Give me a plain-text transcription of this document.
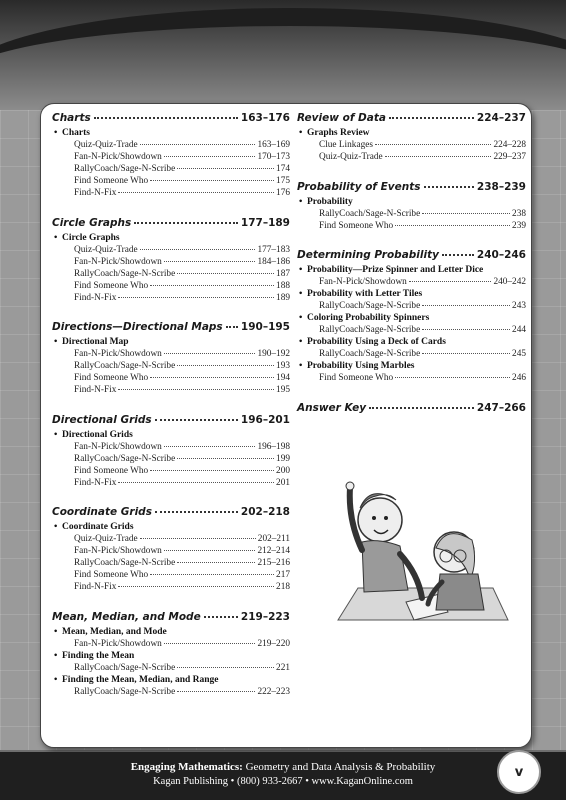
Charts	163–176
• Charts
Quiz-Quiz-Trade	163–169
Fan-N-Pick/Showdown	170–173
RallyCoach/Sage-N-Scribe	174
Find Someone Who	175
Find-N-Fix	176
Circle Graphs	177–189
• Circle Graphs
Quiz-Quiz-Trade	177–183
Fan-N-Pick/Showdown	184–186
RallyCoach/Sage-N-Scribe	187
Find Someone Who	188
Find-N-Fix	189
Directions—Directional Maps 190–195
• Directional Map
Fan-N-Pick/Showdown	190–192
RallyCoach/Sage-N-Scribe	193
Find Someone Who	194
Find-N-Fix	195
Directional Grids	196–201
• Directional Grids
Fan-N-Pick/Showdown	196–198
RallyCoach/Sage-N-Scribe	199
Find Someone Who	200
Find-N-Fix	201
Coordinate Grids	202–218
• Coordinate Grids
Quiz-Quiz-Trade	202–211
Fan-N-Pick/Showdown	212–214
RallyCoach/Sage-N-Scribe	215–216
Find Someone Who	217
Find-N-Fix	218
Mean, Median, and Mode	219–223
• Mean, Median, and Mode
Fan-N-Pick/Showdown	219–220
• Finding the Mean
RallyCoach/Sage-N-Scribe	221
• Finding the Mean, Median, and Range
RallyCoach/Sage-N-Scribe	222–223
Review of Data	224–237
• Graphs Review
Clue Linkages	224–228
Quiz-Quiz-Trade	229–237
Probability of Events	238–239
• Probability
RallyCoach/Sage-N-Scribe	238
Find Someone Who	239
Determining Probability	240–246
• Probability—Prize Spinner and Letter Dice
Fan-N-Pick/Showdown	240–242
• Probability with Letter Tiles
RallyCoach/Sage-N-Scribe	243
• Coloring Probability Spinners
RallyCoach/Sage-N-Scribe	244
• Probability Using a Deck of Cards
RallyCoach/Sage-N-Scribe	245
• Probability Using Marbles
Find Someone Who	246
Answer Key	247–266
Engaging Mathematics: Geometry and Data Analysis & Probability
Kagan Publishing • (800) 933-2667 • www.KaganOnline.com
v
